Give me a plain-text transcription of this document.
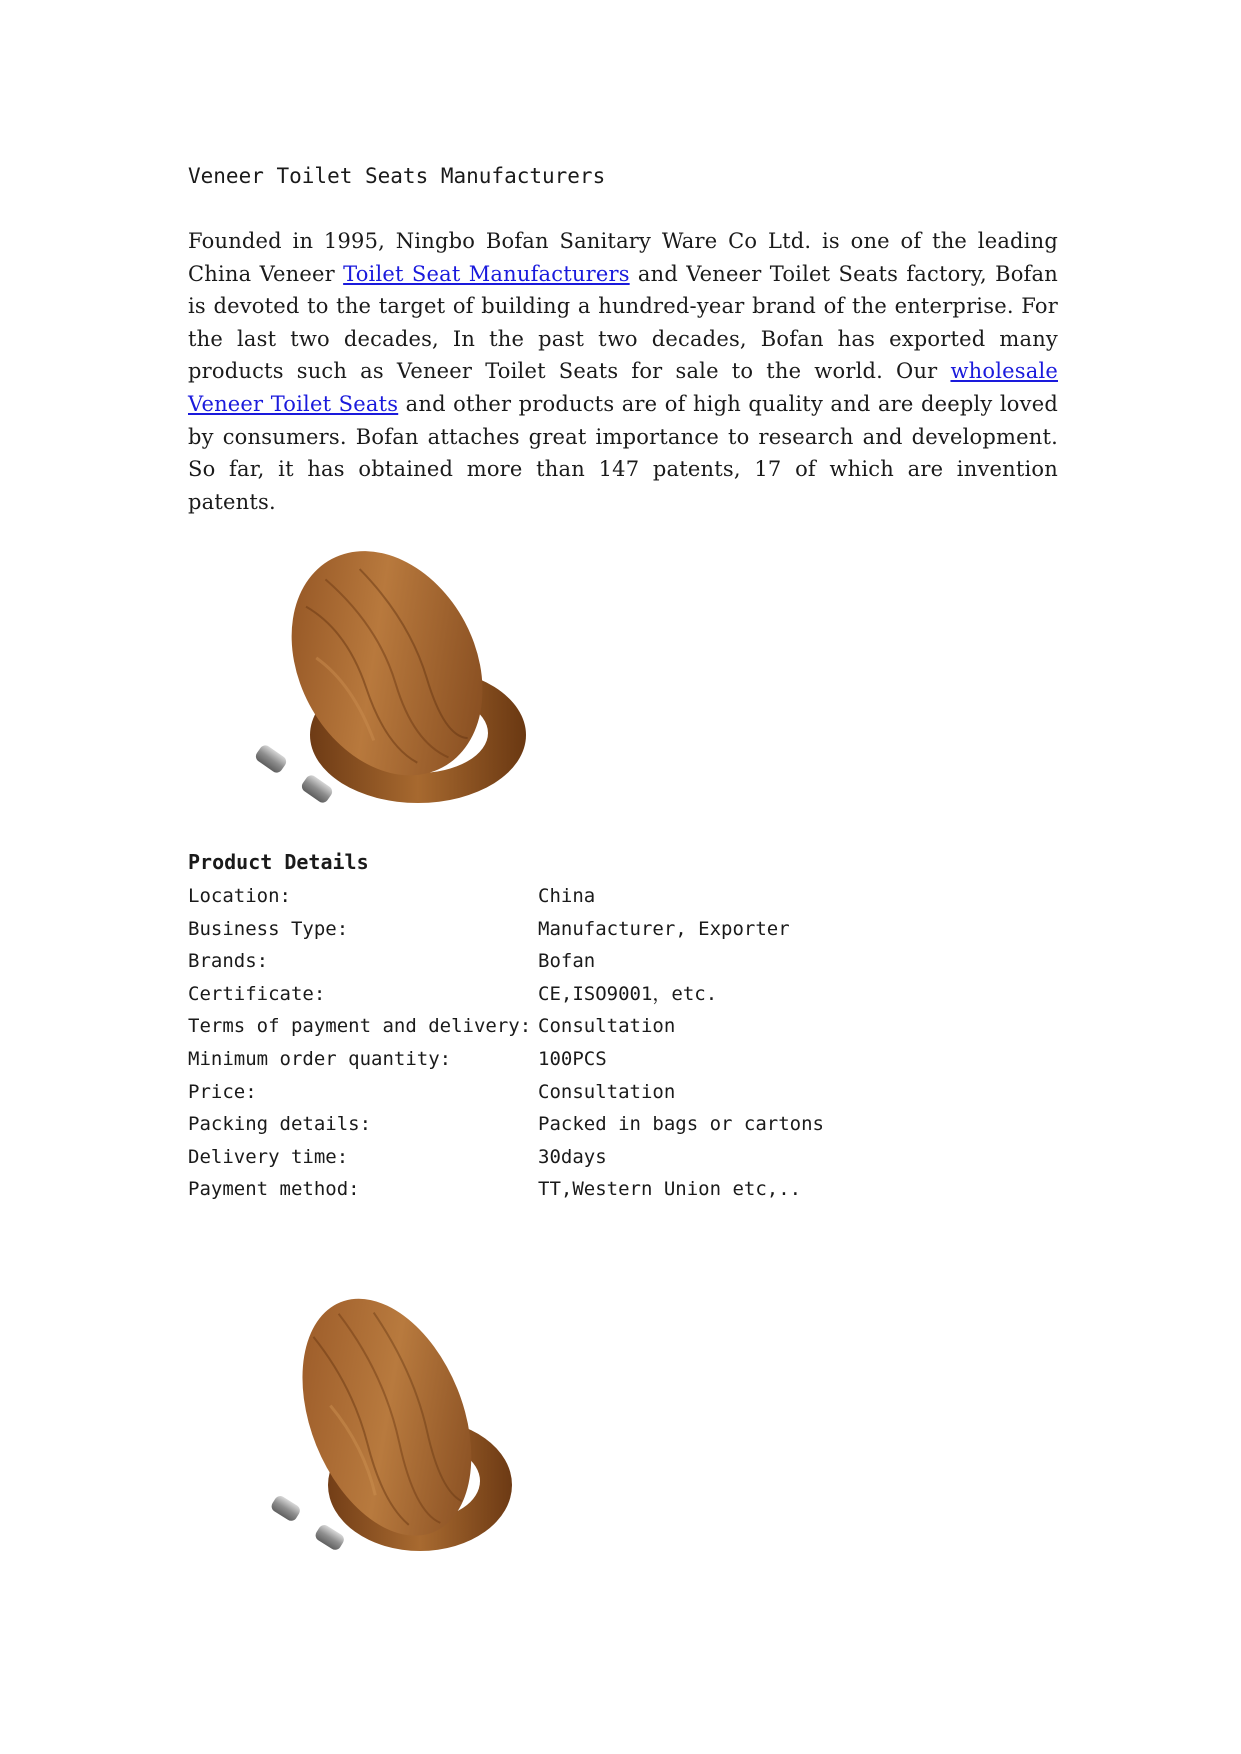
Veneer Toilet Seats Manufacturers
Founded in 1995, Ningbo Bofan Sanitary Ware Co Ltd. is one of the leading China Veneer Toilet Seat Manufacturers and Veneer Toilet Seats factory, Bofan is devoted to the target of building a hundred-year brand of the enterprise. For the last two decades, In the past two decades, Bofan has exported many products such as Veneer Toilet Seats for sale to the world. Our wholesale Veneer Toilet Seats and other products are of high quality and are deeply loved by consumers. Bofan attaches great importance to research and development. So far, it has obtained more than 147 patents, 17 of which are invention patents.
Product Details
Location:	China
Business Type:	Manufacturer, Exporter
Brands:	Bofan
Certificate:	CE,ISO9001，etc.
Terms of payment and delivery: Consultation
Minimum order quantity:	100PCS
Price:	Consultation
Packing details:	Packed in bags or cartons
Delivery time:	30days
Payment method:	TT,Western Union etc,..
